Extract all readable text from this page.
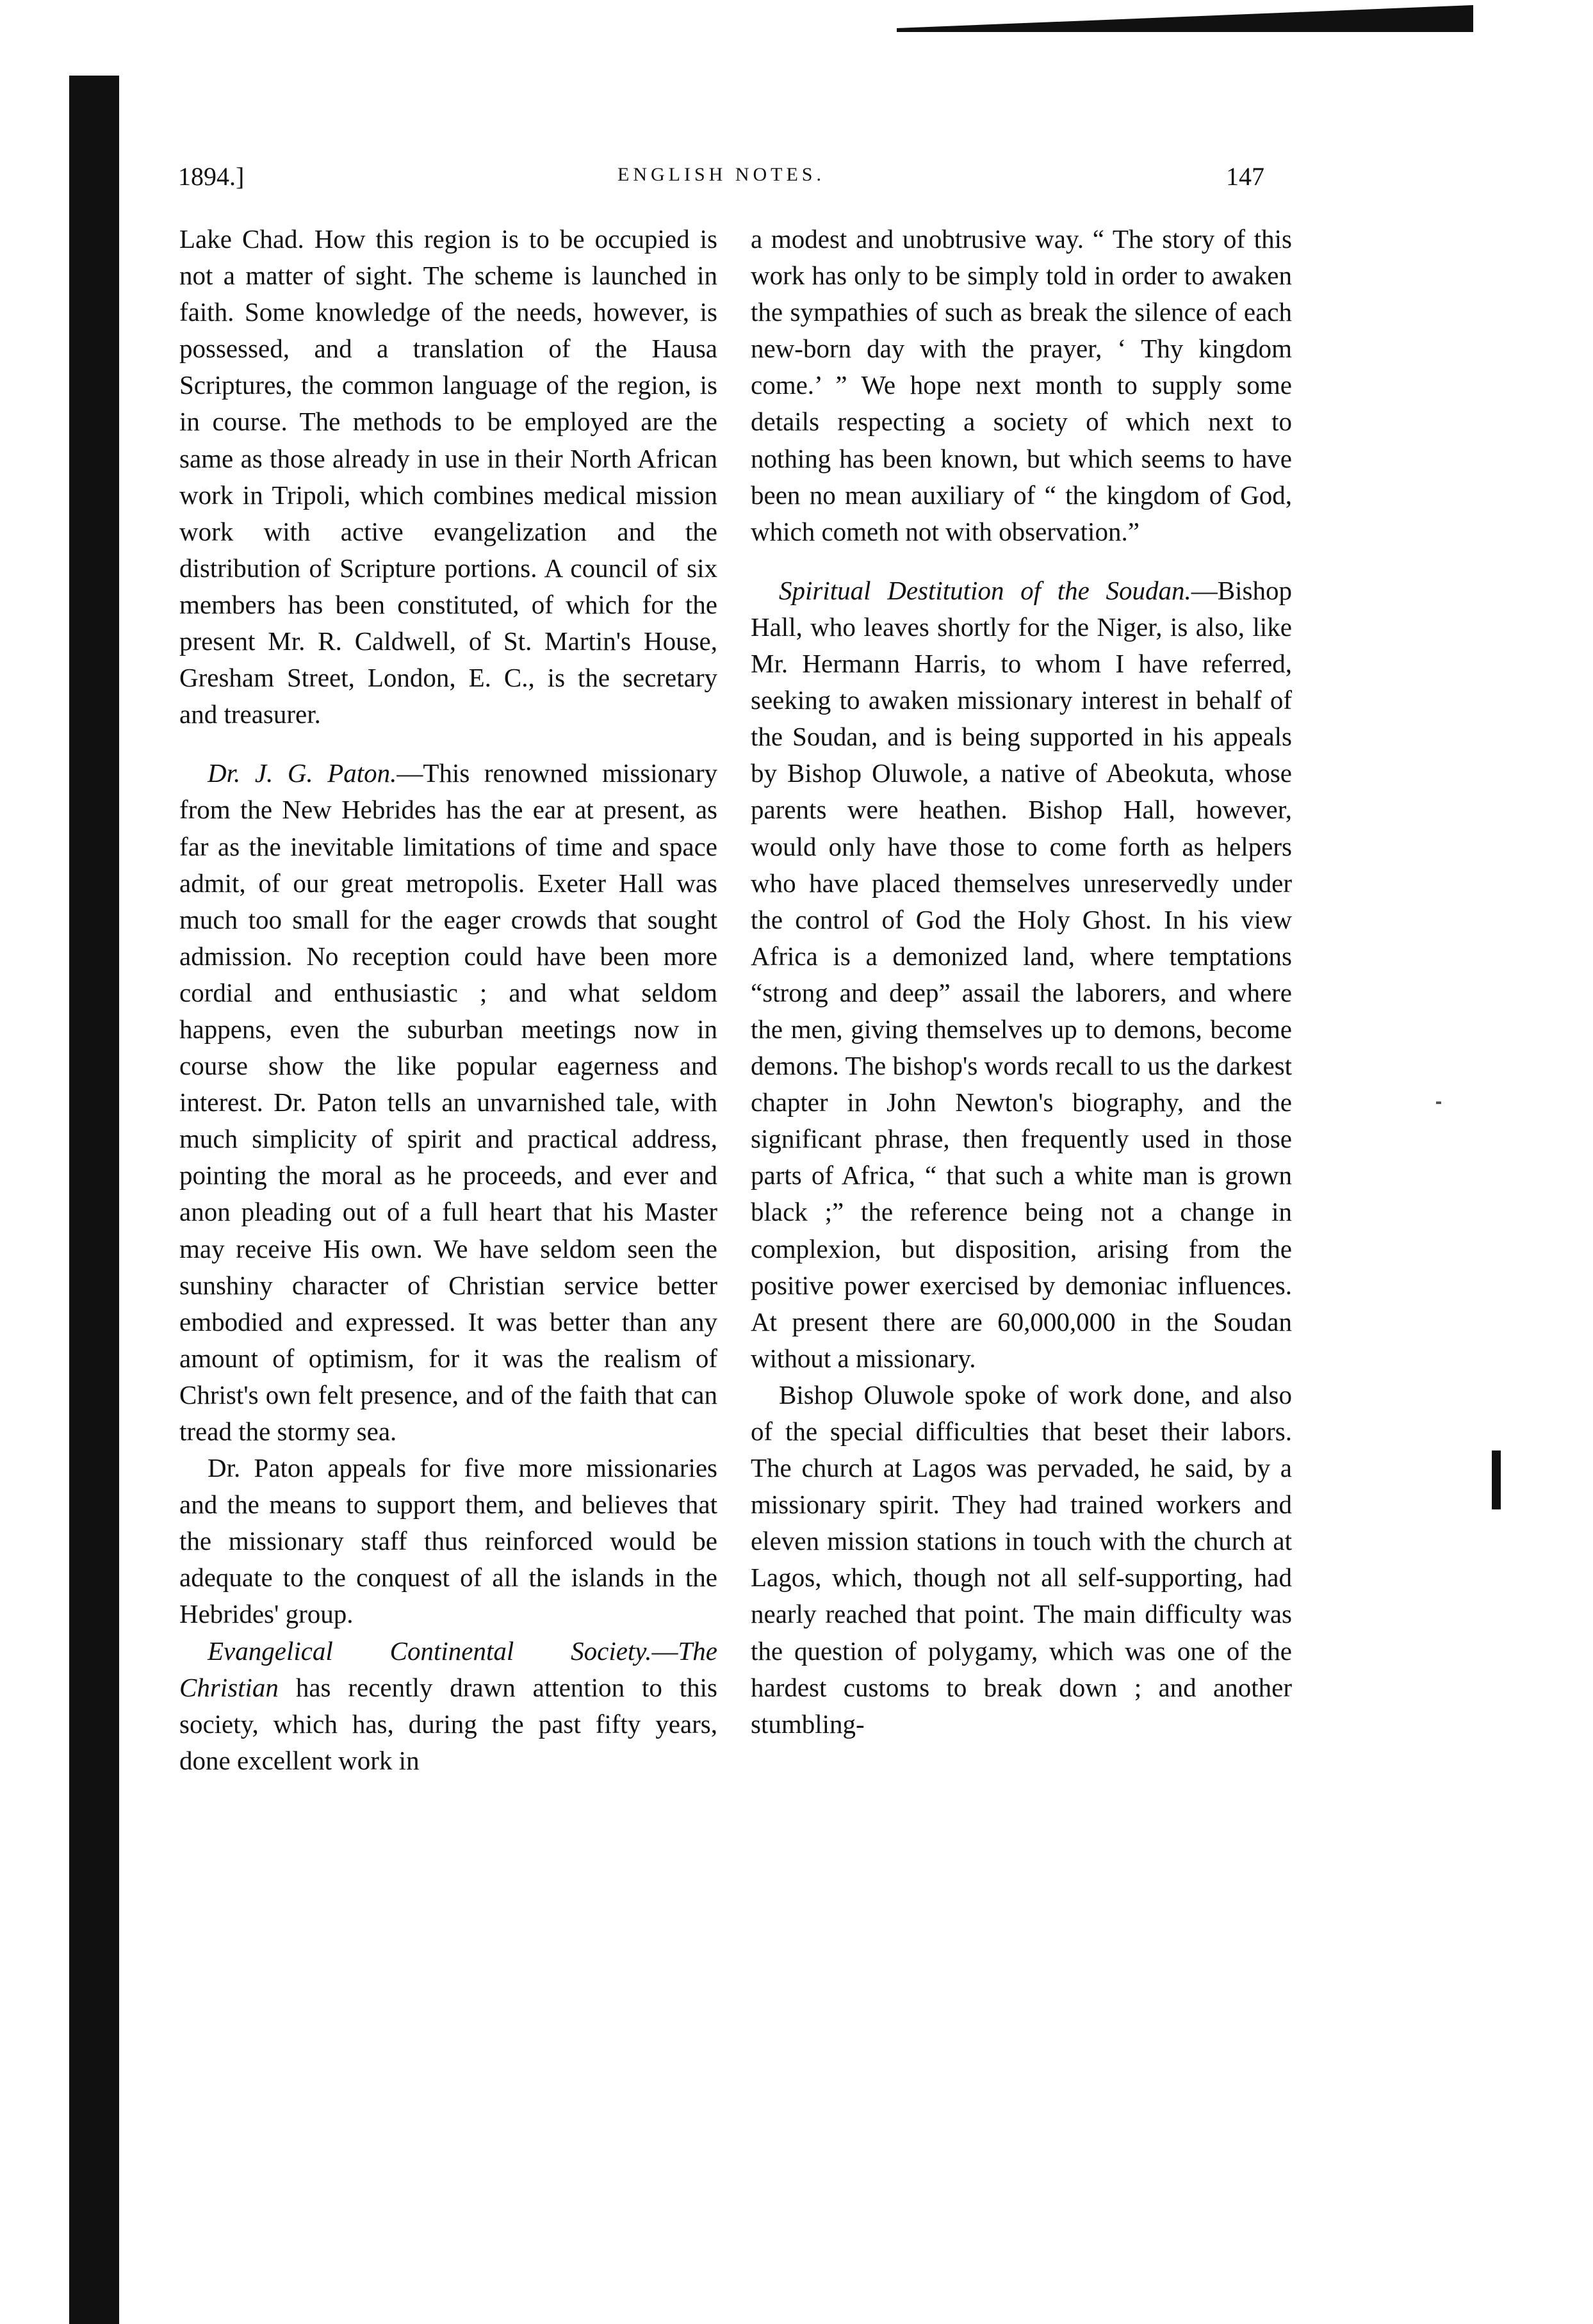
1894.]	ENGLISH NOTES.	147

Lake Chad. How this region is to be occupied is not a matter of sight. The scheme is launched in faith. Some knowledge of the needs, however, is possessed, and a translation of the Hausa Scriptures, the common language of the region, is in course. The methods to be employed are the same as those already in use in their North African work in Tripoli, which combines medical mission work with active evangelization and the distribution of Scripture portions. A council of six members has been constituted, of which for the present Mr. R. Caldwell, of St. Martin's House, Gresham Street, London, E. C., is the secretary and treasurer.

Dr. J. G. Paton.—This renowned missionary from the New Hebrides has the ear at present, as far as the inevitable limitations of time and space admit, of our great metropolis. Exeter Hall was much too small for the eager crowds that sought admission. No reception could have been more cordial and enthusiastic ; and what seldom happens, even the suburban meetings now in course show the like popular eagerness and interest. Dr. Paton tells an unvarnished tale, with much simplicity of spirit and practical address, pointing the moral as he proceeds, and ever and anon pleading out of a full heart that his Master may receive His own. We have seldom seen the sunshiny character of Christian service better embodied and expressed. It was better than any amount of optimism, for it was the realism of Christ's own felt presence, and of the faith that can tread the stormy sea.

Dr. Paton appeals for five more missionaries and the means to support them, and believes that the missionary staff thus reinforced would be adequate to the conquest of all the islands in the Hebrides' group.

Evangelical Continental Society.—The Christian has recently drawn attention to this society, which has, during the past fifty years, done excellent work in

a modest and unobtrusive way. “ The story of this work has only to be simply told in order to awaken the sympathies of such as break the silence of each new-born day with the prayer, ‘ Thy kingdom come.’ ” We hope next month to supply some details respecting a society of which next to nothing has been known, but which seems to have been no mean auxiliary of “ the kingdom of God, which cometh not with observation.”

Spiritual Destitution of the Soudan.—Bishop Hall, who leaves shortly for the Niger, is also, like Mr. Hermann Harris, to whom I have referred, seeking to awaken missionary interest in behalf of the Soudan, and is being supported in his appeals by Bishop Oluwole, a native of Abeokuta, whose parents were heathen. Bishop Hall, however, would only have those to come forth as helpers who have placed themselves unreservedly under the control of God the Holy Ghost. In his view Africa is a demonized land, where temptations “strong and deep” assail the laborers, and where the men, giving themselves up to demons, become demons. The bishop's words recall to us the darkest chapter in John Newton's biography, and the significant phrase, then frequently used in those parts of Africa, “ that such a white man is grown black ;” the reference being not a change in complexion, but disposition, arising from the positive power exercised by demoniac influences. At present there are 60,000,000 in the Soudan without a missionary.

Bishop Oluwole spoke of work done, and also of the special difficulties that beset their labors. The church at Lagos was pervaded, he said, by a missionary spirit. They had trained workers and eleven mission stations in touch with the church at Lagos, which, though not all self-supporting, had nearly reached that point. The main difficulty was the question of polygamy, which was one of the hardest customs to break down ; and another stumbling-
